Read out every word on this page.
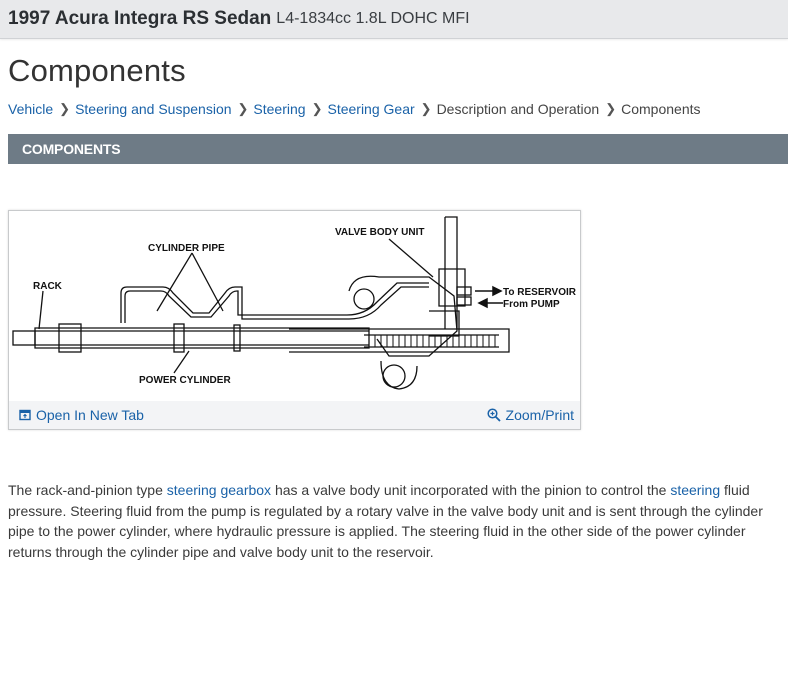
1997 Acura Integra RS Sedan L4-1834cc 1.8L DOHC MFI
Components
Vehicle ❯ Steering and Suspension ❯ Steering ❯ Steering Gear ❯ Description and Operation ❯ Components
COMPONENTS
VALVE BODY UNIT
CYLINDER PIPE
RACK
POWER CYLINDER
To RESERVOIR
From PUMP
Open In New Tab	Zoom/Print

The rack-and-pinion type steering gearbox has a valve body unit incorporated with the pinion to control the steering fluid pressure. Steering fluid from the pump is regulated by a rotary valve in the valve body unit and is sent through the cylinder pipe to the power cylinder, where hydraulic pressure is applied. The steering fluid in the other side of the power cylinder returns through the cylinder pipe and valve body unit to the reservoir.
